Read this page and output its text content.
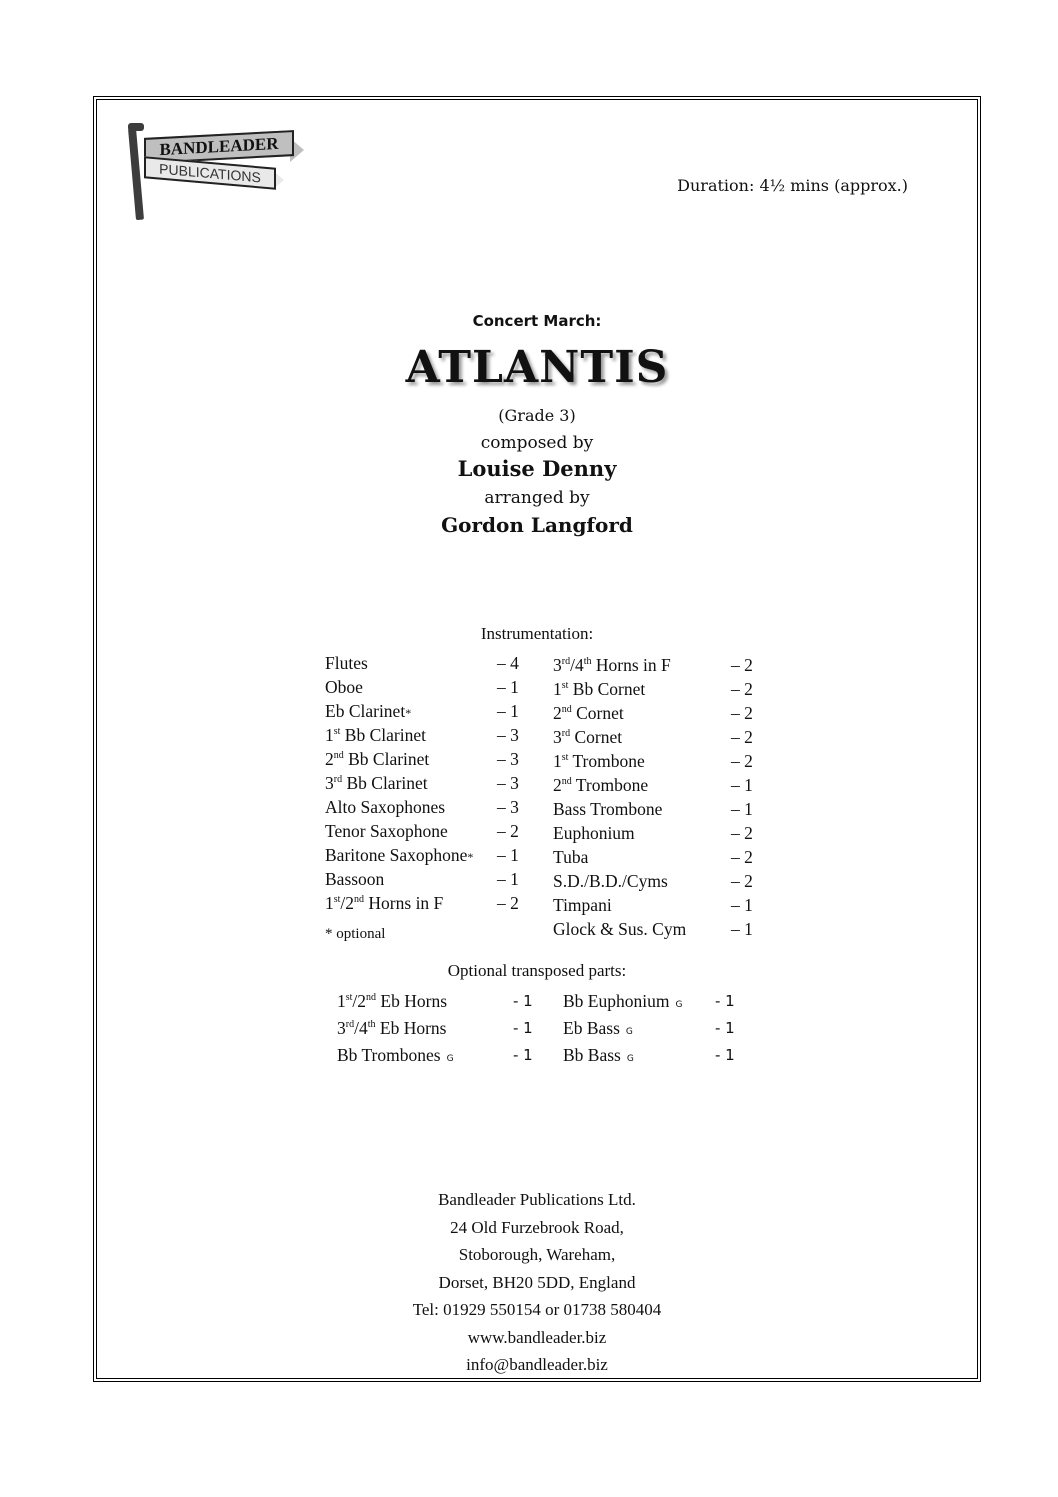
BANDLEADER
PUBLICATIONS
Duration: 4½ mins (approx.)
Concert March:
ATLANTIS
(Grade 3)
composed by
Louise Denny
arranged by
Gordon Langford
Instrumentation:
Flutes	– 4
Oboe	– 1
Eb Clarinet*	– 1
1st Bb Clarinet	– 3
2nd Bb Clarinet	– 3
3rd Bb Clarinet	– 3
Alto Saxophones	– 3
Tenor Saxophone	– 2
Baritone Saxophone* – 1
Bassoon	– 1
1st/2nd Horns in F	– 2
3rd/4th Horns in F	– 2
1st Bb Cornet	– 2
2nd Cornet	– 2
3rd Cornet	– 2
1st Trombone	– 2
2nd Trombone	– 1
Bass Trombone	– 1
Euphonium	– 2
Tuba	– 2
S.D./B.D./Cyms	– 2
Timpani	– 1
Glock & Sus. Cym	– 1
* optional
Optional transposed parts:
1st/2nd Eb Horns	- 1
3rd/4th Eb Horns	- 1
Bb Trombones G	- 1
Bb Euphonium G - 1
Eb Bass G	- 1
Bb Bass G	- 1
Bandleader Publications Ltd.
24 Old Furzebrook Road,
Stoborough, Wareham,
Dorset, BH20 5DD, England
Tel: 01929 550154 or 01738 580404
www.bandleader.biz
info@bandleader.biz
